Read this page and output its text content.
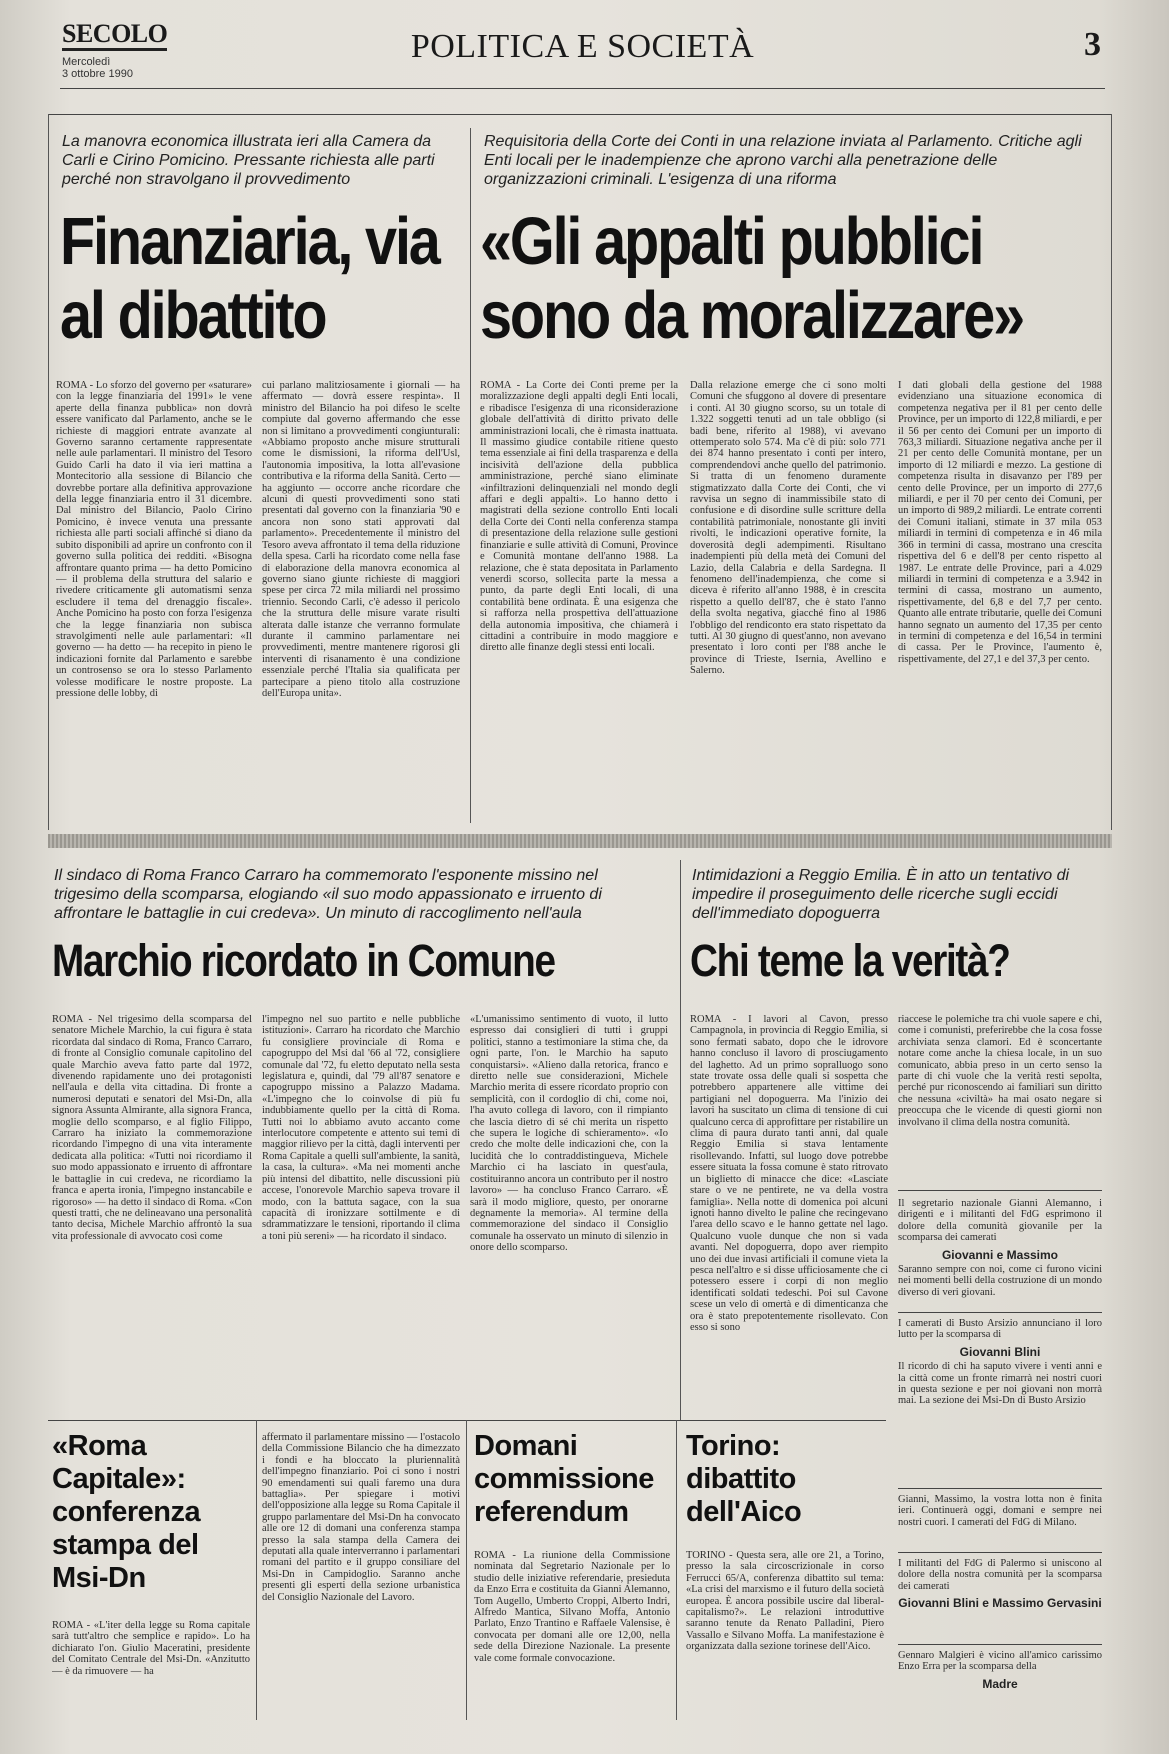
SECOLO
Mercoledì
3 ottobre 1990
POLITICA E SOCIETÀ	3
La manovra economica illustrata ieri alla Camera da Carli e Cirino Pomicino. Pressante richiesta alle parti perché non stravolgano il provvedimento
Finanziaria, via
al dibattito
ROMA - Lo sforzo del governo per «saturare» con la legge finanziaria del 1991» le vene aperte della finanza pubblica» non dovrà essere vanificato dal Parlamento, anche se le richieste di maggiori entrate avanzate al Governo saranno certamente rappresentate nelle aule parlamentari. Il ministro del Tesoro Guido Carli ha dato il via ieri mattina a Montecitorio alla sessione di Bilancio che dovrebbe portare alla definitiva approvazione della legge finanziaria entro il 31 dicembre. Dal ministro del Bilancio, Paolo Cirino Pomicino, è invece venuta una pressante richiesta alle parti sociali affinché si diano da subito disponibili ad aprire un confronto con il governo sulla politica dei redditi. «Bisogna affrontare quanto prima — ha detto Pomicino — il problema della struttura del salario e rivedere criticamente gli automatismi senza escludere il tema del drenaggio fiscale». Anche Pomicino ha posto con forza l'esigenza che la legge finanziaria non subisca stravolgimenti nelle aule parlamentari: «Il governo — ha detto — ha recepito in pieno le indicazioni fornite dal Parlamento e sarebbe un controsenso se ora lo stesso Parlamento volesse modificare le nostre proposte. La pressione delle lobby, di
cui parlano malitziosamente i giornali — ha affermato — dovrà essere respinta». Il ministro del Bilancio ha poi difeso le scelte compiute dal governo affermando che esse non si limitano a provvedimenti congiunturali: «Abbiamo proposto anche misure strutturali come le dismissioni, la riforma dell'Usl, l'autonomia impositiva, la lotta all'evasione contributiva e la riforma della Sanità. Certo — ha aggiunto — occorre anche ricordare che alcuni di questi provvedimenti sono stati presentati dal governo con la finanziaria '90 e ancora non sono stati approvati dal parlamento». Precedentemente il ministro del Tesoro aveva affrontato il tema della riduzione della spesa. Carli ha ricordato come nella fase di elaborazione della manovra economica al governo siano giunte richieste di maggiori spese per circa 72 mila miliardi nel prossimo triennio. Secondo Carli, c'è adesso il pericolo che la struttura delle misure varate risulti alterata dalle istanze che verranno formulate durante il cammino parlamentare nei provvedimenti, mentre mantenere rigorosi gli interventi di risanamento è una condizione essenziale perché l'Italia sia qualificata per partecipare a pieno titolo alla costruzione dell'Europa unita».
Requisitoria della Corte dei Conti in una relazione inviata al Parlamento. Critiche agli Enti locali per le inadempienze che aprono varchi alla penetrazione delle organizzazioni criminali. L'esigenza di una riforma
«Gli appalti pubblici
sono da moralizzare»
ROMA - La Corte dei Conti preme per la moralizzazione degli appalti degli Enti locali, e ribadisce l'esigenza di una riconsiderazione globale dell'attività di diritto privato delle amministrazioni locali, che è rimasta inattuata. Il massimo giudice contabile ritiene questo tema essenziale ai fini della trasparenza e della incisività dell'azione della pubblica amministrazione, perché siano eliminate «infiltrazioni delinquenziali nel mondo degli affari e degli appalti». Lo hanno detto i magistrati della sezione controllo Enti locali della Corte dei Conti nella conferenza stampa di presentazione della relazione sulle gestioni finanziarie e sulle attività di Comuni, Province e Comunità montane dell'anno 1988. La relazione, che è stata depositata in Parlamento venerdì scorso, sollecita parte la messa a punto, da parte degli Enti locali, di una contabilità bene ordinata. È una esigenza che si rafforza nella prospettiva dell'attuazione della autonomia impositiva, che chiamerà i cittadini a contribuire in modo maggiore e diretto alle finanze degli stessi enti locali.
Dalla relazione emerge che ci sono molti Comuni che sfuggono al dovere di presentare i conti. Al 30 giugno scorso, su un totale di 1.322 soggetti tenuti ad un tale obbligo (si badi bene, riferito al 1988), vi avevano ottemperato solo 574. Ma c'è di più: solo 771 dei 874 hanno presentato i conti per intero, comprendendovi anche quello del patrimonio. Si tratta di un fenomeno duramente stigmatizzato dalla Corte dei Conti, che vi ravvisa un segno di inammissibile stato di confusione e di disordine sulle scritture della contabilità patrimoniale, nonostante gli inviti rivolti, le indicazioni operative fornite, la doverosità degli adempimenti. Risultano inadempienti più della metà dei Comuni del Lazio, della Calabria e della Sardegna. Il fenomeno dell'inadempienza, che come si diceva è riferito all'anno 1988, è in crescita rispetto a quello dell'87, che è stato l'anno della svolta negativa, giacché fino al 1986 l'obbligo del rendiconto era stato rispettato da tutti. Al 30 giugno di quest'anno, non avevano presentato i loro conti per l'88 anche le province di Trieste, Isernia, Avellino e Salerno.
I dati globali della gestione del 1988 evidenziano una situazione economica di competenza negativa per il 81 per cento delle Province, per un importo di 122,8 miliardi, e per il 56 per cento dei Comuni per un importo di 763,3 miliardi. Situazione negativa anche per il 21 per cento delle Comunità montane, per un importo di 12 miliardi e mezzo. La gestione di competenza risulta in disavanzo per l'89 per cento delle Province, per un importo di 277,6 miliardi, e per il 70 per cento dei Comuni, per un importo di 989,2 miliardi. Le entrate correnti dei Comuni italiani, stimate in 37 mila 053 miliardi in termini di competenza e in 46 mila 366 in termini di cassa, mostrano una crescita rispettiva del 6 e dell'8 per cento rispetto al 1987. Le entrate delle Province, pari a 4.029 miliardi in termini di competenza e a 3.942 in termini di cassa, mostrano un aumento, rispettivamente, del 6,8 e del 7,7 per cento. Quanto alle entrate tributarie, quelle dei Comuni hanno segnato un aumento del 17,35 per cento in termini di competenza e del 16,54 in termini di cassa. Per le Province, l'aumento è, rispettivamente, del 27,1 e del 37,3 per cento.
Il sindaco di Roma Franco Carraro ha commemorato l'esponente missino nel trigesimo della scomparsa, elogiando «il suo modo appassionato e irruento di affrontare le battaglie in cui credeva». Un minuto di raccoglimento nell'aula
Marchio ricordato in Comune
ROMA - Nel trigesimo della scomparsa del senatore Michele Marchio, la cui figura è stata ricordata dal sindaco di Roma, Franco Carraro, di fronte al Consiglio comunale capitolino del quale Marchio aveva fatto parte dal 1972, divenendo rapidamente uno dei protagonisti nell'aula e della vita cittadina. Di fronte a numerosi deputati e senatori del Msi-Dn, alla signora Assunta Almirante, alla signora Franca, moglie dello scomparso, e al figlio Filippo, Carraro ha iniziato la commemorazione ricordando l'impegno di una vita interamente dedicata alla politica: «Tutti noi ricordiamo il suo modo appassionato e irruento di affrontare le battaglie in cui credeva, ne ricordiamo la franca e aperta ironia, l'impegno instancabile e rigoroso» — ha detto il sindaco di Roma. «Con questi tratti, che ne delineavano una personalità tanto decisa, Michele Marchio affrontò la sua vita professionale di avvocato così come
l'impegno nel suo partito e nelle pubbliche istituzioni». Carraro ha ricordato che Marchio fu consigliere provinciale di Roma e capogruppo del Msi dal '66 al '72, consigliere comunale dal '72, fu eletto deputato nella sesta legislatura e, quindi, dal '79 all'87 senatore e capogruppo missino a Palazzo Madama. «L'impegno che lo coinvolse di più fu indubbiamente quello per la città di Roma. Tutti noi lo abbiamo avuto accanto come interlocutore competente e attento sui temi di maggior rilievo per la città, dagli interventi per Roma Capitale a quelli sull'ambiente, la sanità, la casa, la cultura». «Ma nei momenti anche più intensi del dibattito, nelle discussioni più accese, l'onorevole Marchio sapeva trovare il modo, con la battuta sagace, con la sua capacità di ironizzare sottilmente e di sdrammatizzare le tensioni, riportando il clima a toni più sereni» — ha ricordato il sindaco.
«L'umanissimo sentimento di vuoto, il lutto espresso dai consiglieri di tutti i gruppi politici, stanno a testimoniare la stima che, da ogni parte, l'on. le Marchio ha saputo conquistarsi». «Alieno dalla retorica, franco e diretto nelle sue considerazioni, Michele Marchio merita di essere ricordato proprio con semplicità, con il cordoglio di chi, come noi, l'ha avuto collega di lavoro, con il rimpianto che lascia dietro di sé chi merita un rispetto che supera le logiche di schieramento». «Io credo che molte delle indicazioni che, con la lucidità che lo contraddistingueva, Michele Marchio ci ha lasciato in quest'aula, costituiranno ancora un contributo per il nostro lavoro» — ha concluso Franco Carraro. «È sarà il modo migliore, questo, per onorarne degnamente la memoria». Al termine della commemorazione del sindaco il Consiglio comunale ha osservato un minuto di silenzio in onore dello scomparso.
Intimidazioni a Reggio Emilia. È in atto un tentativo di impedire il proseguimento delle ricerche sugli eccidi dell'immediato dopoguerra
Chi teme la verità?
ROMA - I lavori al Cavon, presso Campagnola, in provincia di Reggio Emilia, si sono fermati sabato, dopo che le idrovore hanno concluso il lavoro di prosciugamento del laghetto. Ad un primo sopralluogo sono state trovate ossa delle quali si sospetta che potrebbero appartenere alle vittime dei partigiani nel dopoguerra. Ma l'inizio dei lavori ha suscitato un clima di tensione di cui qualcuno cerca di approfittare per ristabilire un clima di paura durato tanti anni, dal quale Reggio Emilia si stava lentamente risollevando. Infatti, sul luogo dove potrebbe essere situata la fossa comune è stato ritrovato un biglietto di minacce che dice: «Lasciate stare o ve ne pentirete, ne va della vostra famiglia». Nella notte di domenica poi alcuni ignoti hanno divelto le paline che recingevano l'area dello scavo e le hanno gettate nel lago. Qualcuno vuole dunque che non si vada avanti. Nel dopoguerra, dopo aver riempito uno dei due invasi artificiali il comune vieta la pesca nell'altro e si disse ufficiosamente che ci potessero essere i corpi di non meglio identificati soldati tedeschi. Poi sul Cavone scese un velo di omertà e di dimenticanza che ora è stato prepotentemente risollevato. Con esso si sono
riaccese le polemiche tra chi vuole sapere e chi, come i comunisti, preferirebbe che la cosa fosse archiviata senza clamori. Ed è sconcertante notare come anche la chiesa locale, in un suo comunicato, abbia preso in un certo senso la parte di chi vuole che la verità resti sepolta, perché pur riconoscendo ai familiari sun diritto che nessuna «civiltà» ha mai osato negare si preoccupa che le vicende di questi giorni non involvano il clima della nostra comunità.
Il segretario nazionale Gianni Alemanno, i dirigenti e i militanti del FdG esprimono il dolore della comunità giovanile per la scomparsa dei camerati
Giovanni e Massimo
Saranno sempre con noi, come ci furono vicini nei momenti belli della costruzione di un mondo diverso di veri giovani.
I camerati di Busto Arsizio annunciano il loro lutto per la scomparsa di
Giovanni Blini
Il ricordo di chi ha saputo vivere i venti anni e la città come un fronte rimarrà nei nostri cuori in questa sezione e per noi giovani non morrà mai. La sezione dei Msi-Dn di Busto Arsizio
Gianni, Massimo, la vostra lotta non è finita ieri. Continuerà oggi, domani e sempre nei nostri cuori. I camerati del FdG di Milano.
I militanti del FdG di Palermo si uniscono al dolore della nostra comunità per la scomparsa dei camerati
Giovanni Blini e Massimo Gervasini
Gennaro Malgieri è vicino all'amico carissimo Enzo Erra per la scomparsa della
Madre
«Roma Capitale»: conferenza stampa del Msi-Dn
ROMA - «L'iter della legge su Roma capitale sarà tutt'altro che semplice e rapido». Lo ha dichiarato l'on. Giulio Maceratini, presidente del Comitato Centrale del Msi-Dn. «Anzitutto — è da rimuovere — ha
affermato il parlamentare missino — l'ostacolo della Commissione Bilancio che ha dimezzato i fondi e ha bloccato la pluriennalità dell'impegno finanziario. Poi ci sono i nostri 90 emendamenti sui quali faremo una dura battaglia». Per spiegare i motivi dell'opposizione alla legge su Roma Capitale il gruppo parlamentare del Msi-Dn ha convocato alle ore 12 di domani una conferenza stampa presso la sala stampa della Camera dei deputati alla quale interverranno i parlamentari romani del partito e il gruppo consiliare del Msi-Dn in Campidoglio. Saranno anche presenti gli esperti della sezione urbanistica del Consiglio Nazionale del Lavoro.
Domani commissione referendum
ROMA - La riunione della Commissione nominata dal Segretario Nazionale per lo studio delle iniziative referendarie, presieduta da Enzo Erra e costituita da Gianni Alemanno, Tom Augello, Umberto Croppi, Alberto Indri, Alfredo Mantica, Silvano Moffa, Antonio Parlato, Enzo Trantino e Raffaele Valensise, è convocata per domani alle ore 12,00, nella sede della Direzione Nazionale. La presente vale come formale convocazione.
Torino: dibattito dell'Aico
TORINO - Questa sera, alle ore 21, a Torino, presso la sala circoscrizionale in corso Ferrucci 65/A, conferenza dibattito sul tema: «La crisi del marxismo e il futuro della società europea. È ancora possibile uscire dal liberal-capitalismo?». Le relazioni introduttive saranno tenute da Renato Palladini, Piero Vassallo e Silvano Moffa. La manifestazione è organizzata dalla sezione torinese dell'Aico.
